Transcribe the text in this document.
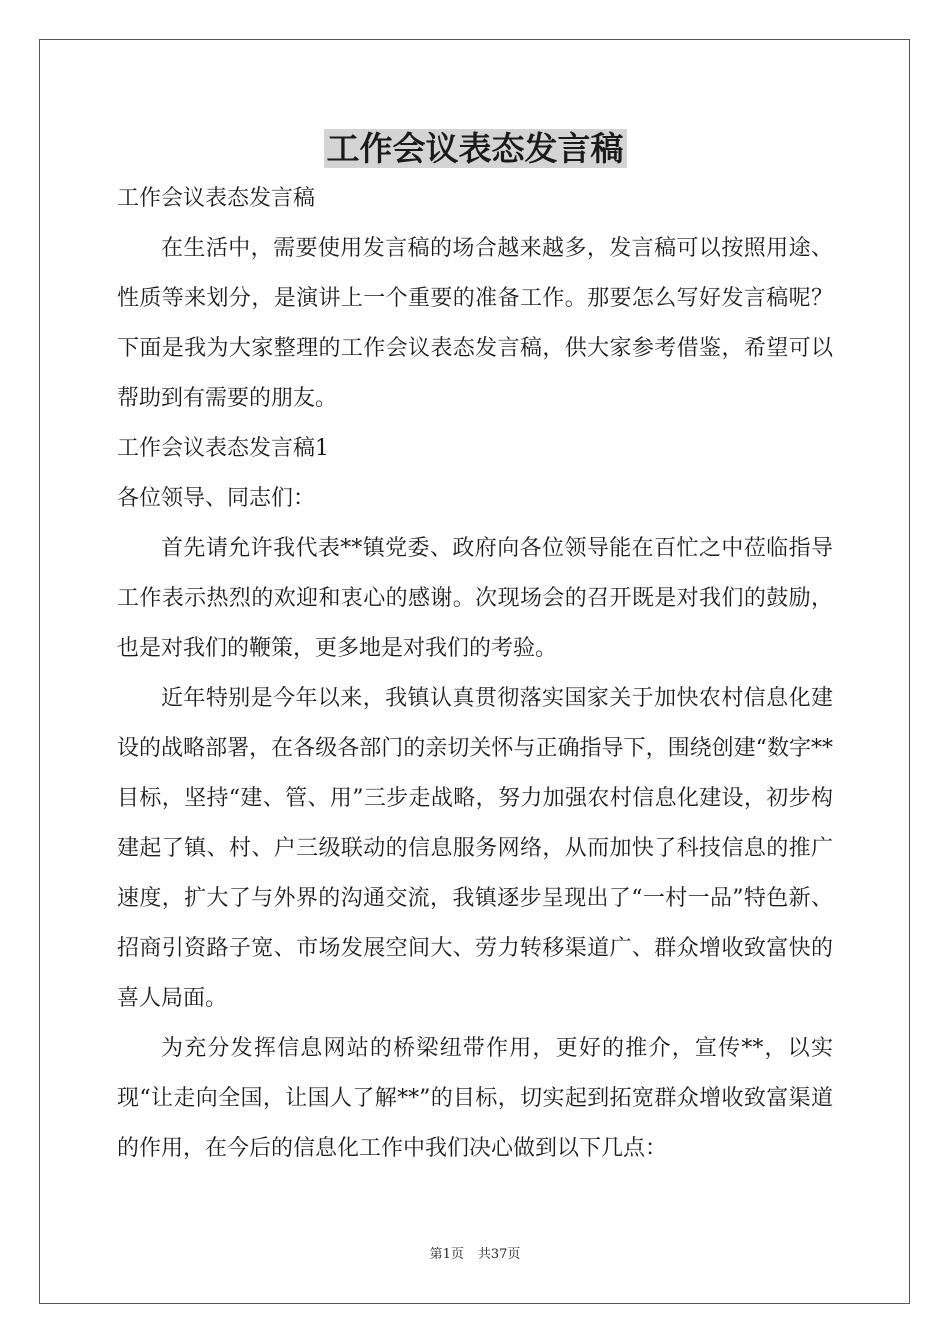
工作会议表态发言稿

工作会议表态发言稿

在生活中，需要使用发言稿的场合越来越多，发言稿可以按照用途、性质等来划分，是演讲上一个重要的准备工作。那要怎么写好发言稿呢？下面是我为大家整理的工作会议表态发言稿，供大家参考借鉴，希望可以帮助到有需要的朋友。

工作会议表态发言稿1

各位领导、同志们：

首先请允许我代表**镇党委、政府向各位领导能在百忙之中莅临指导工作表示热烈的欢迎和衷心的感谢。次现场会的召开既是对我们的鼓励，也是对我们的鞭策，更多地是对我们的考验。

近年特别是今年以来，我镇认真贯彻落实国家关于加快农村信息化建设的战略部署，在各级各部门的亲切关怀与正确指导下，围绕创建“数字**目标，坚持“建、管、用”三步走战略，努力加强农村信息化建设，初步构建起了镇、村、户三级联动的信息服务网络，从而加快了科技信息的推广速度，扩大了与外界的沟通交流，我镇逐步呈现出了“一村一品”特色新、招商引资路子宽、市场发展空间大、劳力转移渠道广、群众增收致富快的喜人局面。

为充分发挥信息网站的桥梁纽带作用，更好的推介，宣传**，以实现“让走向全国，让国人了解**”的目标，切实起到拓宽群众增收致富渠道的作用，在今后的信息化工作中我们决心做到以下几点：

第1页 共37页
